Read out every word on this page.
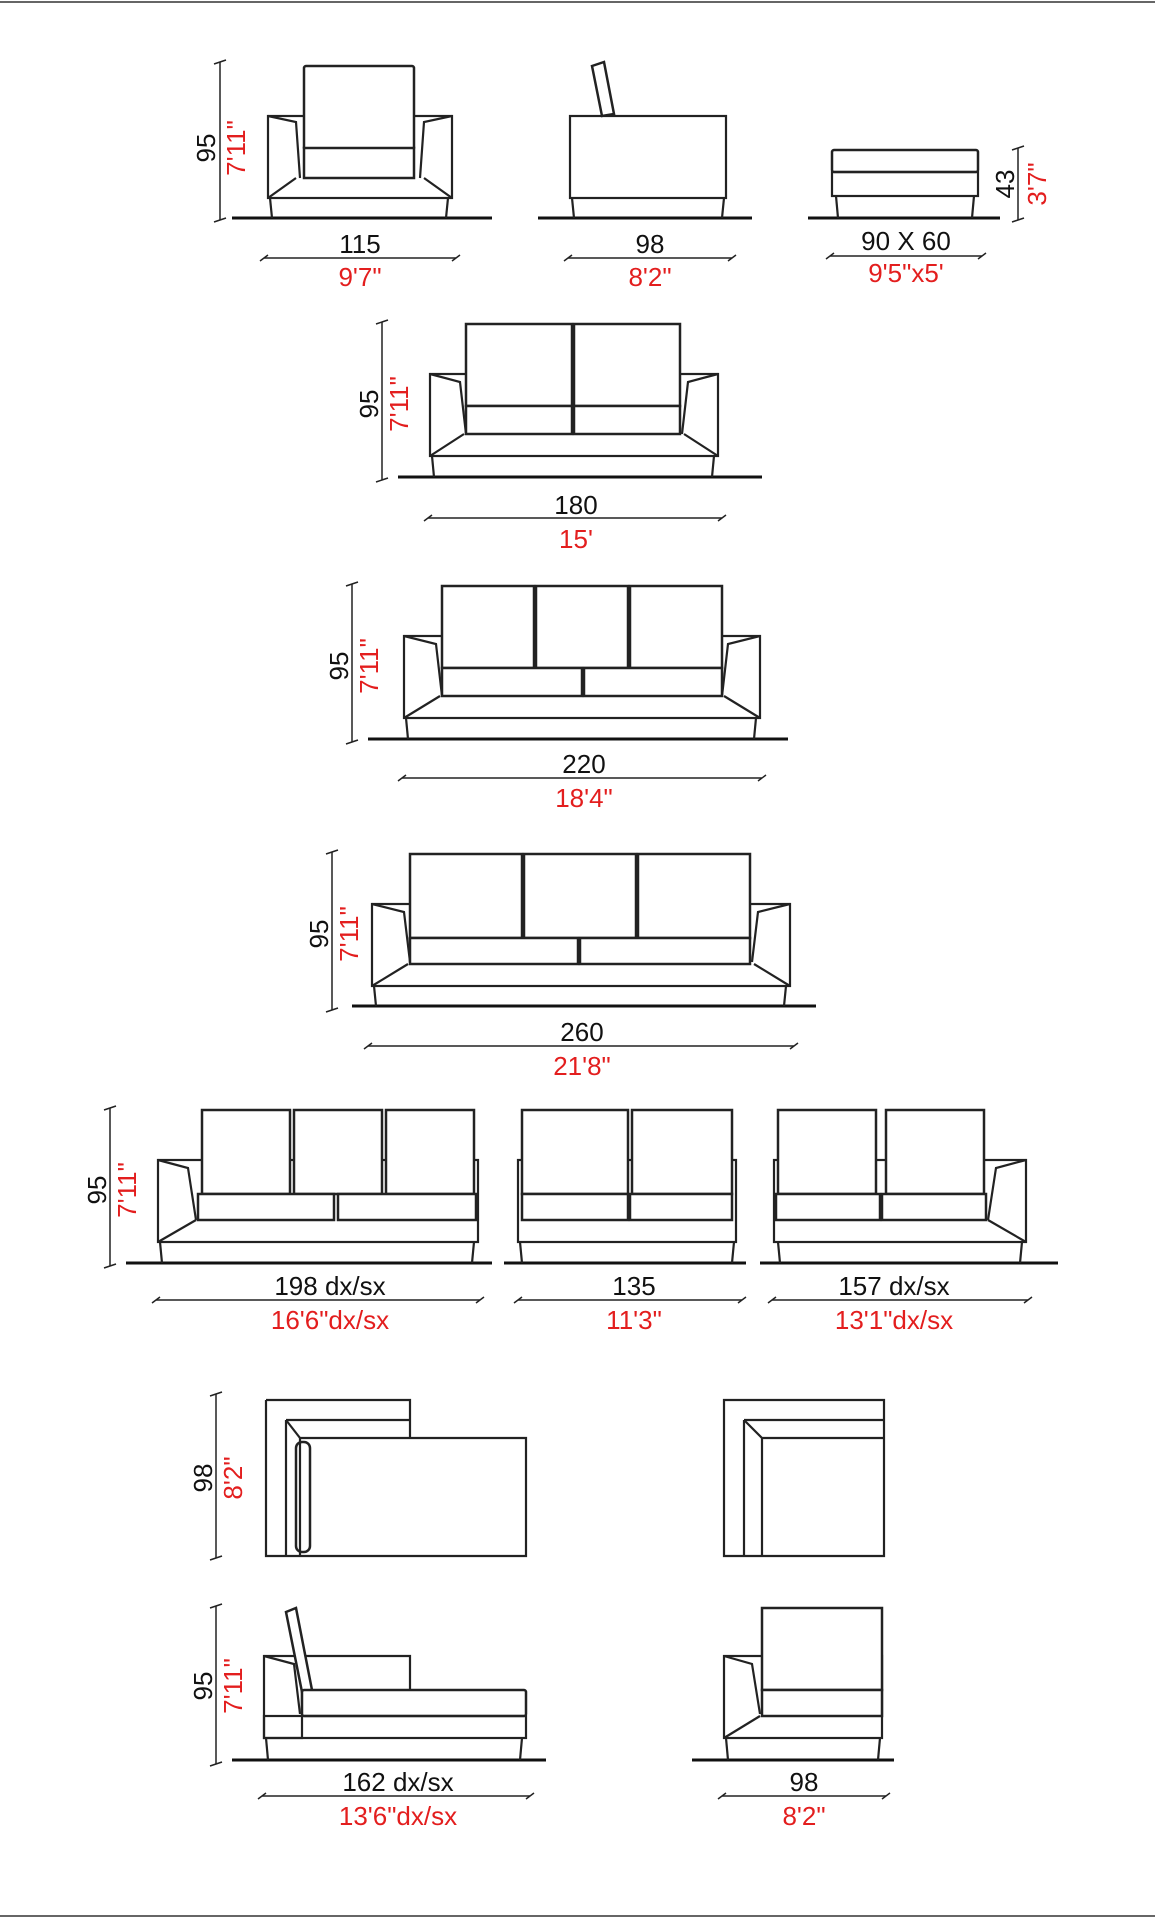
95 7'11"
115
9'7"
98
8'2"
43 3'7"
90 X 60
9'5"x5'
95 7'11"
180
15'
95 7'11"
220
18'4"
95 7'11"
260
21'8"
95 7'11"
198 dx/sx
16'6"dx/sx
135
11'3"
157 dx/sx
13'1"dx/sx
98 8'2"
95 7'11"
162 dx/sx
13'6"dx/sx
98
8'2"
